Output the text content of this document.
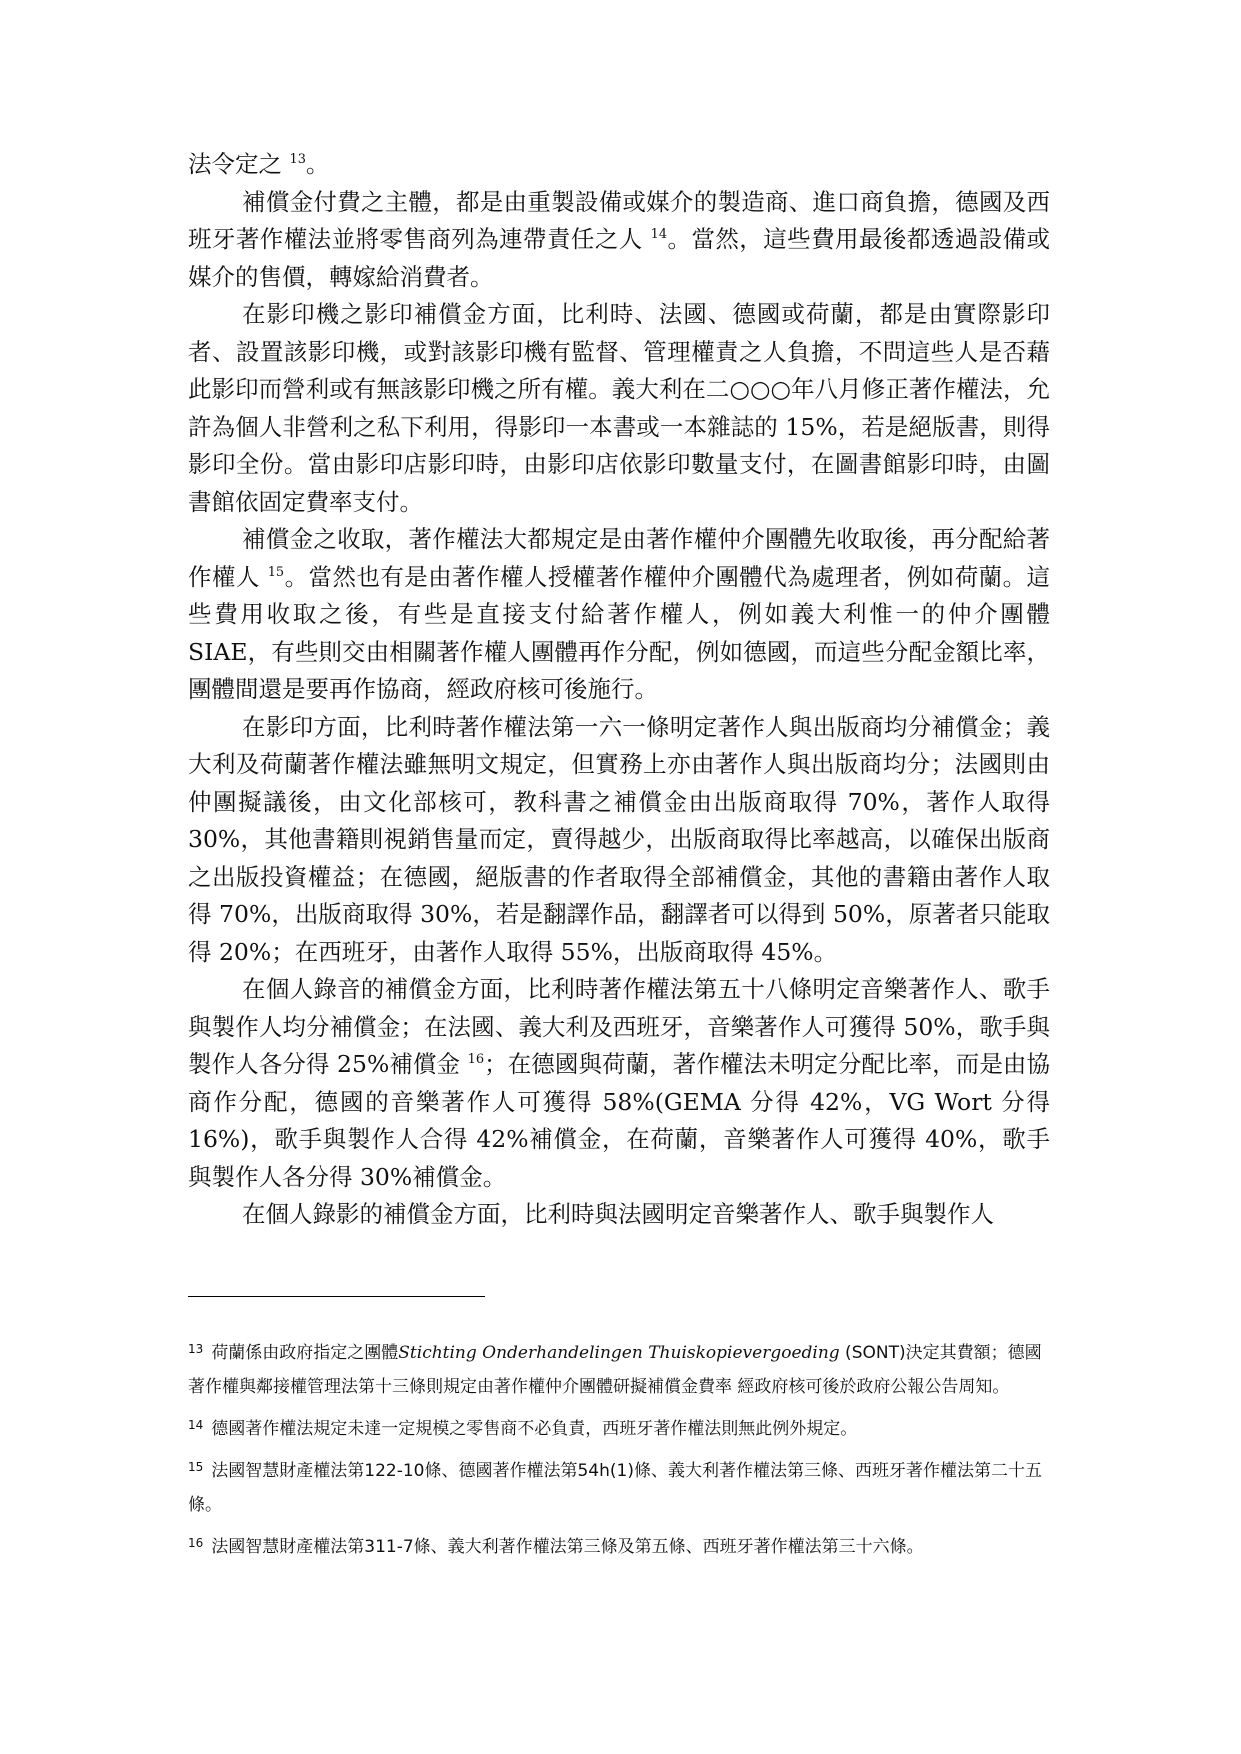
法令定之 $^{13}$。

補償金付費之主體，都是由重製設備或媒介的製造商、進口商負擔，德國及西班牙著作權法並將零售商列為連帶責任之人 $^{14}$。當然，這些費用最後都透過設備或媒介的售價，轉嫁給消費者。

在影印機之影印補償金方面，比利時、法國、德國或荷蘭，都是由實際影印者、設置該影印機，或對該影印機有監督、管理權責之人負擔，不問這些人是否藉此影印而營利或有無該影印機之所有權。義大利在二○○○年八月修正著作權法，允許為個人非營利之私下利用，得影印一本書或一本雜誌的 15%，若是絕版書，則得影印全份。當由影印店影印時，由影印店依影印數量支付，在圖書館影印時，由圖書館依固定費率支付。

補償金之收取，著作權法大都規定是由著作權仲介團體先收取後，再分配給著作權人 $^{15}$。當然也有是由著作權人授權著作權仲介團體代為處理者，例如荷蘭。這些費用收取之後，有些是直接支付給著作權人，例如義大利惟一的仲介團體 SIAE，有些則交由相關著作權人團體再作分配，例如德國，而這些分配金額比率，團體間還是要再作協商，經政府核可後施行。

在影印方面，比利時著作權法第一六一條明定著作人與出版商均分補償金；義大利及荷蘭著作權法雖無明文規定，但實務上亦由著作人與出版商均分；法國則由仲團擬議後，由文化部核可，教科書之補償金由出版商取得 70%，著作人取得 30%，其他書籍則視銷售量而定，賣得越少，出版商取得比率越高，以確保出版商之出版投資權益；在德國，絕版書的作者取得全部補償金，其他的書籍由著作人取得 70%，出版商取得 30%，若是翻譯作品，翻譯者可以得到 50%，原著者只能取得 20%；在西班牙，由著作人取得 55%，出版商取得 45%。

在個人錄音的補償金方面，比利時著作權法第五十八條明定音樂著作人、歌手與製作人均分補償金；在法國、義大利及西班牙，音樂著作人可獲得 50%，歌手與製作人各分得 25%補償金 $^{16}$；在德國與荷蘭，著作權法未明定分配比率，而是由協商作分配，德國的音樂著作人可獲得 58%(GEMA 分得 42%，VG Wort 分得 16%)，歌手與製作人合得 42%補償金，在荷蘭，音樂著作人可獲得 40%，歌手與製作人各分得 30%補償金。

在個人錄影的補償金方面，比利時與法國明定音樂著作人、歌手與製作人

$^{13}$ 荷蘭係由政府指定之團體Stichting Onderhandelingen Thuiskopievergoeding (SONT)決定其費額；德國著作權與鄰接權管理法第十三條則規定由著作權仲介團體研擬補償金費率 經政府核可後於政府公報公告周知。

$^{14}$ 德國著作權法規定未達一定規模之零售商不必負責，西班牙著作權法則無此例外規定。

$^{15}$ 法國智慧財產權法第122-10條、德國著作權法第54h(1)條、義大利著作權法第三條、西班牙著作權法第二十五條。

$^{16}$ 法國智慧財產權法第311-7條、義大利著作權法第三條及第五條、西班牙著作權法第三十六條。
